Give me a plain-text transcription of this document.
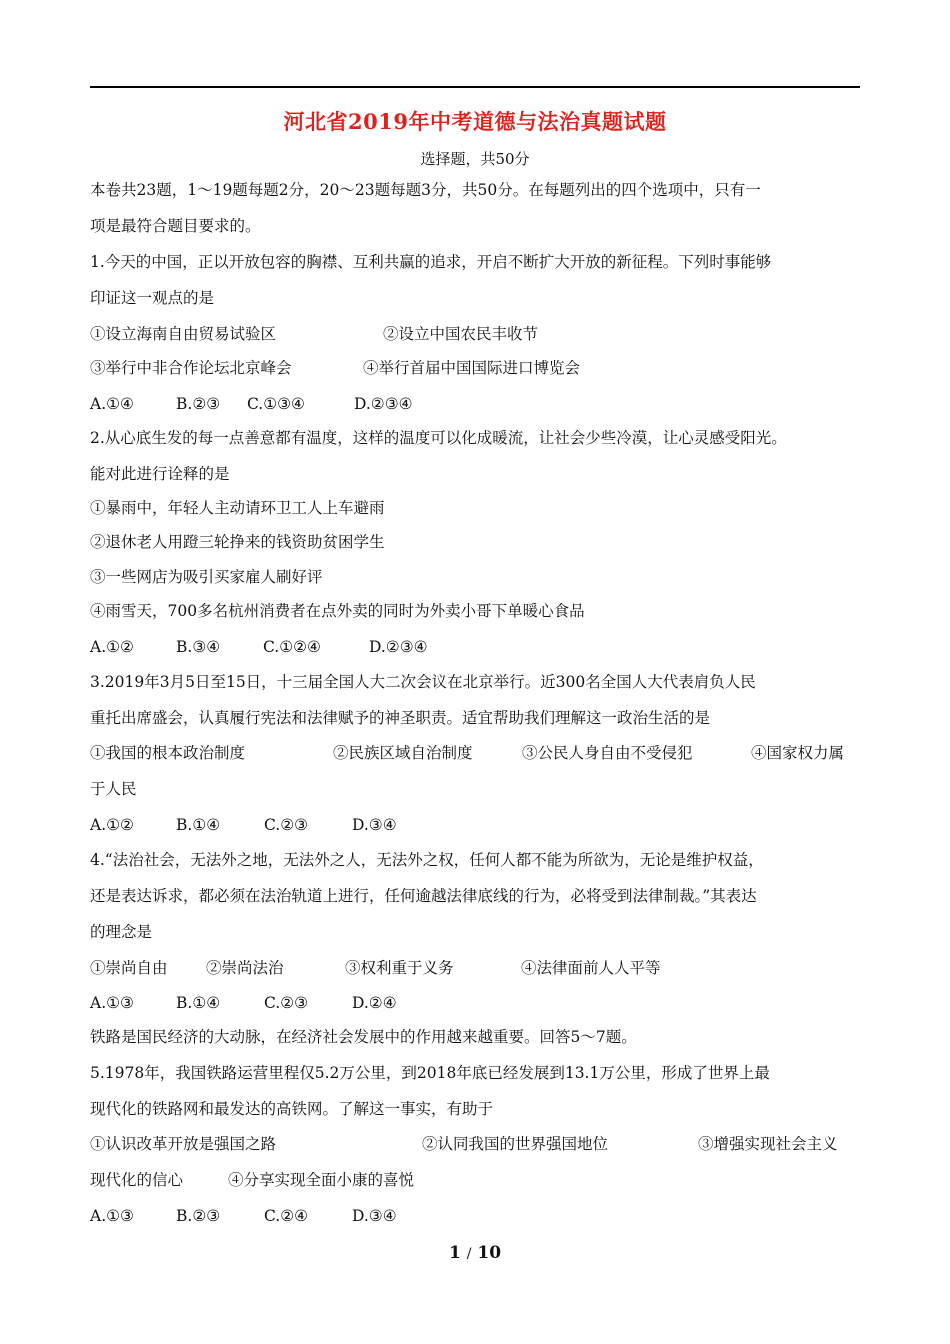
河北省2019年中考道德与法治真题试题
选择题，共50分
本卷共23题，1～19题每题2分，20～23题每题3分，共50分。在每题列出的四个选项中，只有一
项是最符合题目要求的。
1.今天的中国，正以开放包容的胸襟、互利共赢的追求，开启不断扩大开放的新征程。下列时事能够
印证这一观点的是
①设立海南自由贸易试验区	②设立中国农民丰收节
③举行中非合作论坛北京峰会	④举行首届中国国际进口博览会
A.①④	B.②③ C.①③④	D.②③④
2.从心底生发的每一点善意都有温度，这样的温度可以化成暖流，让社会少些冷漠，让心灵感受阳光。
能对此进行诠释的是
①暴雨中，年轻人主动请环卫工人上车避雨
②退休老人用蹬三轮挣来的钱资助贫困学生
③一些网店为吸引买家雇人刷好评
④雨雪天，700多名杭州消费者在点外卖的同时为外卖小哥下单暖心食品
A.①②	B.③④	C.①②④	D.②③④
3.2019年3月5日至15日，十三届全国人大二次会议在北京举行。近300名全国人大代表肩负人民
重托出席盛会，认真履行宪法和法律赋予的神圣职责。适宜帮助我们理解这一政治生活的是
①我国的根本政治制度	②民族区域自治制度	③公民人身自由不受侵犯	④国家权力属
于人民
A.①②	B.①④	C.②③	D.③④
4.“法治社会，无法外之地，无法外之人，无法外之权，任何人都不能为所欲为，无论是维护权益，
还是表达诉求，都必须在法治轨道上进行，任何逾越法律底线的行为，必将受到法律制裁。”其表达
的理念是
①崇尚自由 ②崇尚法治	③权利重于义务	④法律面前人人平等
A.①③	B.①④	C.②③	D.②④
铁路是国民经济的大动脉，在经济社会发展中的作用越来越重要。回答5～7题。
5.1978年，我国铁路运营里程仅5.2万公里，到2018年底已经发展到13.1万公里，形成了世界上最
现代化的铁路网和最发达的高铁网。了解这一事实，有助于
①认识改革开放是强国之路	②认同我国的世界强国地位	③增强实现社会主义
现代化的信心	④分享实现全面小康的喜悦
A.①③	B.②③	C.②④	D.③④
1 / 10
